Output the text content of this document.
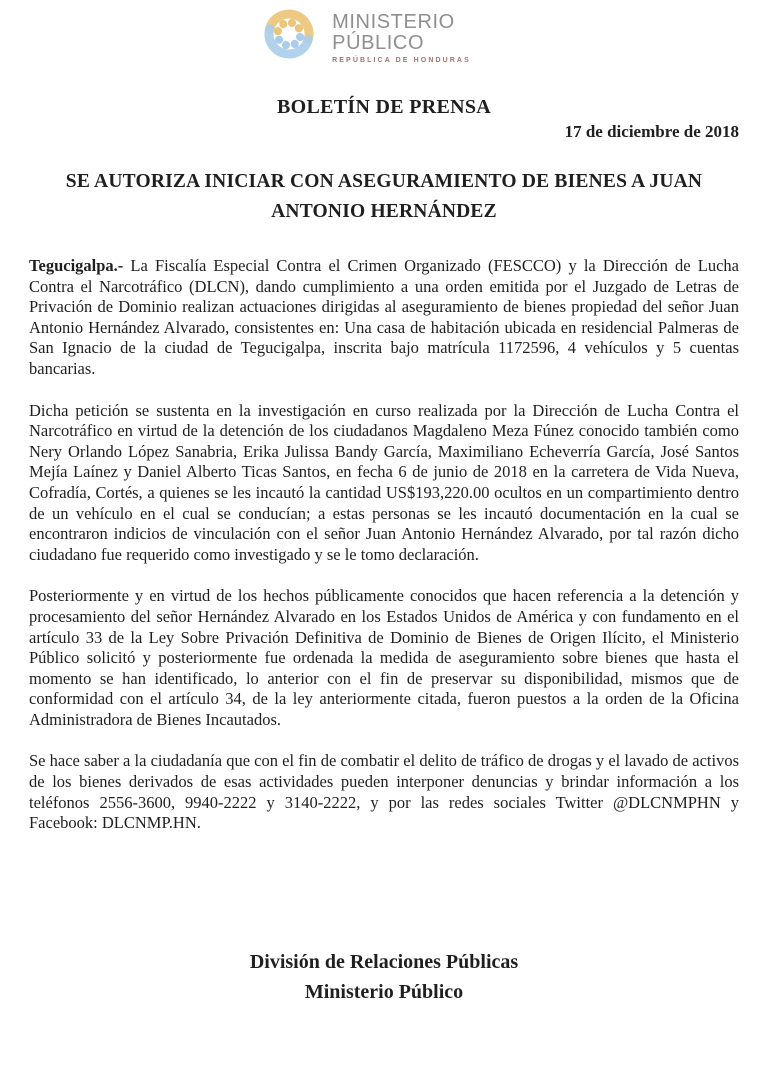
MINISTERIO
PÚBLICO
REPÚBLICA DE HONDURAS
BOLETÍN DE PRENSA
17 de diciembre de 2018
SE AUTORIZA INICIAR CON ASEGURAMIENTO DE BIENES A JUAN ANTONIO HERNÁNDEZ

Tegucigalpa.- La Fiscalía Especial Contra el Crimen Organizado (FESCCO) y la Dirección de Lucha Contra el Narcotráfico (DLCN), dando cumplimiento a una orden emitida por el Juzgado de Letras de Privación de Dominio realizan actuaciones dirigidas al aseguramiento de bienes propiedad del señor Juan Antonio Hernández Alvarado, consistentes en: Una casa de habitación ubicada en residencial Palmeras de San Ignacio de la ciudad de Tegucigalpa, inscrita bajo matrícula 1172596, 4 vehículos y 5 cuentas bancarias.

Dicha petición se sustenta en la investigación en curso realizada por la Dirección de Lucha Contra el Narcotráfico en virtud de la detención de los ciudadanos Magdaleno Meza Fúnez conocido también como Nery Orlando López Sanabria, Erika Julissa Bandy García, Maximiliano Echeverría García, José Santos Mejía Laínez y Daniel Alberto Ticas Santos, en fecha 6 de junio de 2018 en la carretera de Vida Nueva, Cofradía, Cortés, a quienes se les incautó la cantidad US$193,220.00 ocultos en un compartimiento dentro de un vehículo en el cual se conducían; a estas personas se les incautó documentación en la cual se encontraron indicios de vinculación con el señor Juan Antonio Hernández Alvarado, por tal razón dicho ciudadano fue requerido como investigado y se le tomo declaración.

Posteriormente y en virtud de los hechos públicamente conocidos que hacen referencia a la detención y procesamiento del señor Hernández Alvarado en los Estados Unidos de América y con fundamento en el artículo 33 de la Ley Sobre Privación Definitiva de Dominio de Bienes de Origen Ilícito, el Ministerio Público solicitó y posteriormente fue ordenada la medida de aseguramiento sobre bienes que hasta el momento se han identificado, lo anterior con el fin de preservar su disponibilidad, mismos que de conformidad con el artículo 34, de la ley anteriormente citada, fueron puestos a la orden de la Oficina Administradora de Bienes Incautados.

Se hace saber a la ciudadanía que con el fin de combatir el delito de tráfico de drogas y el lavado de activos de los bienes derivados de esas actividades pueden interponer denuncias y brindar información a los teléfonos 2556-3600, 9940-2222 y 3140-2222, y por las redes sociales Twitter @DLCNMPHN y Facebook: DLCNMP.HN.

División de Relaciones Públicas
Ministerio Público
